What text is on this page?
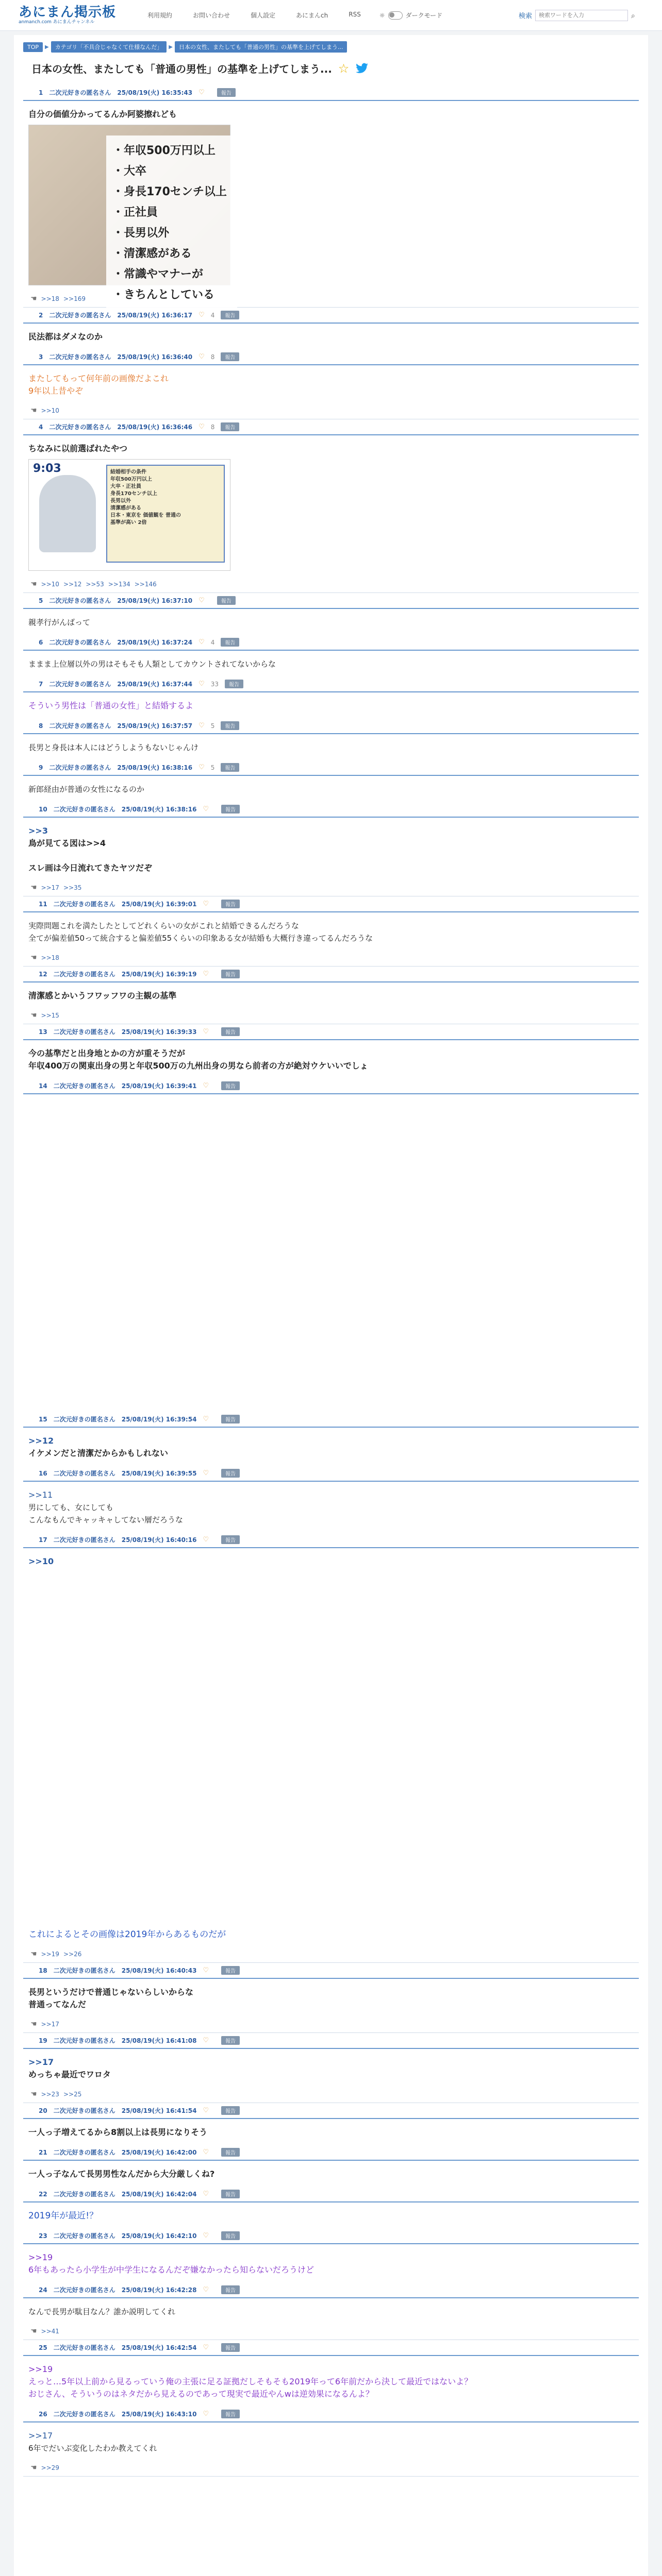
あにまん掲示板
anmanch.com あにまんチャンネル
利用規約	お問い合わせ	個人設定	あにまんch	RSS	☼	ダークモード	検索
検索ワードを入力	⌕
TOP	▶	カテゴリ「不具合じゃなくて仕様なんだ」	▶	日本の女性、またしても「普通の男性」の基準を上げてしまう...
日本の女性、またしても「普通の男性」の基準を上げてしまう... ☆
1 二次元好きの匿名さん 25/08/19(火) 16:35:43 ♡	報告
自分の価値分かってるんか阿婆擦れども
・年収500万円以上
・大卒
・身長170センチ以上
・正社員
・長男以外
・清潔感がある
・常識やマナーが
・きちんとしている
☚ >>18 >>169
2 二次元好きの匿名さん 25/08/19(火) 16:36:17 ♡ 4	報告
民法都はダメなのか
3 二次元好きの匿名さん 25/08/19(火) 16:36:40 ♡ 8	報告
またしてもって何年前の画像だよこれ
9年以上昔やぞ
☚ >>10
4 二次元好きの匿名さん 25/08/19(火) 16:36:46 ♡ 8	報告
ちなみに以前選ばれたやつ
9:03	結婚相手の条件
年収500万円以上
大卒・正社員
身長170センチ以上
長男以外
清潔感がある
日本・東京を 価値観を 普通の
基準が高い 2倍
☚ >>10 >>12 >>53 >>134 >>146
5 二次元好きの匿名さん 25/08/19(火) 16:37:10 ♡	報告
親孝行がんばって
6 二次元好きの匿名さん 25/08/19(火) 16:37:24 ♡ 4	報告
ままま上位層以外の男はそもそも人類としてカウントされてないからな
7 二次元好きの匿名さん 25/08/19(火) 16:37:44 ♡ 33	報告
そういう男性は「普通の女性」と結婚するよ
8 二次元好きの匿名さん 25/08/19(火) 16:37:57 ♡ 5	報告
長男と身長は本人にはどうしようもないじゃんけ
9 二次元好きの匿名さん 25/08/19(火) 16:38:16 ♡ 5	報告
新郎経由が普通の女性になるのか
10 二次元好きの匿名さん 25/08/19(火) 16:38:16 ♡	報告
>>3
鳥が見てる図は>>4

スレ画は今日流れてきたヤツだぞ
☚ >>17 >>35
11 二次元好きの匿名さん 25/08/19(火) 16:39:01 ♡	報告
実際問題これを満たしたとしてどれくらいの女がこれと結婚できるんだろうな
全てが偏差値50って統合すると偏差値55くらいの印象ある女が結婚も大概行き違ってるんだろうな
☚ >>18
12 二次元好きの匿名さん 25/08/19(火) 16:39:19 ♡	報告
清潔感とかいうフワッフワの主観の基準
☚ >>15
13 二次元好きの匿名さん 25/08/19(火) 16:39:33 ♡	報告
今の基準だと出身地とかの方が重そうだが
年収400万の関東出身の男と年収500万の九州出身の男なら前者の方が絶対ウケいいでしょ
14 二次元好きの匿名さん 25/08/19(火) 16:39:41 ♡	報告
15 二次元好きの匿名さん 25/08/19(火) 16:39:54 ♡	報告
>>12
イケメンだと清潔だからかもしれない
16 二次元好きの匿名さん 25/08/19(火) 16:39:55 ♡	報告
>>11
男にしても、女にしても
こんなもんでキャッキャしてない層だろうな
17 二次元好きの匿名さん 25/08/19(火) 16:40:16 ♡	報告
>>10
これによるとその画像は2019年からあるものだが
☚ >>19 >>26
18 二次元好きの匿名さん 25/08/19(火) 16:40:43 ♡	報告
長男というだけで普通じゃないらしいからな
普通ってなんだ
☚ >>17
19 二次元好きの匿名さん 25/08/19(火) 16:41:08 ♡	報告
>>17
めっちゃ最近でワロタ
☚ >>23 >>25
20 二次元好きの匿名さん 25/08/19(火) 16:41:54 ♡	報告
一人っ子増えてるから8割以上は長男になりそう
21 二次元好きの匿名さん 25/08/19(火) 16:42:00 ♡	報告
一人っ子なんて長男男性なんだから大分厳しくね?
22 二次元好きの匿名さん 25/08/19(火) 16:42:04 ♡	報告
2019年が最近!？
23 二次元好きの匿名さん 25/08/19(火) 16:42:10 ♡	報告
>>19
6年もあったら小学生が中学生になるんだぞ嫌なかったら知らないだろうけど
24 二次元好きの匿名さん 25/08/19(火) 16:42:28 ♡	報告
なんで長男が駄目なん？誰か説明してくれ
☚ >>41
25 二次元好きの匿名さん 25/08/19(火) 16:42:54 ♡	報告
>>19
えっと…5年以上前から見るっていう俺の主張に足る証拠だしそもそも2019年って6年前だから決して最近ではないよ？
おじさん、そういうのはネタだから見えるのであって現実で最近やんwは逆効果になるんよ？
26 二次元好きの匿名さん 25/08/19(火) 16:43:10 ♡	報告
>>17
6年でだいぶ変化したわか教えてくれ
☚ >>29
